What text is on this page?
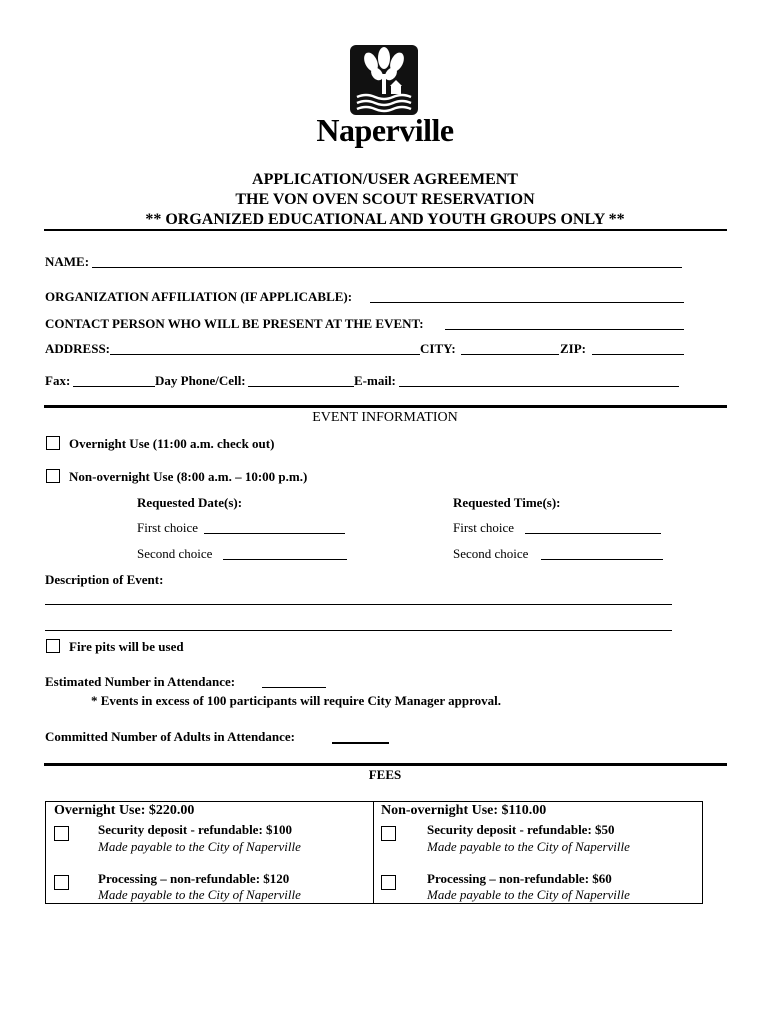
Naperville
APPLICATION/USER AGREEMENT
THE VON OVEN SCOUT RESERVATION
** ORGANIZED EDUCATIONAL AND YOUTH GROUPS ONLY **
NAME:
ORGANIZATION AFFILIATION (IF APPLICABLE):
CONTACT PERSON WHO WILL BE PRESENT AT THE EVENT:
ADDRESS:	CITY:	ZIP:
Fax:	Day Phone/Cell:	E-mail:
EVENT INFORMATION
Overnight Use (11:00 a.m. check out)
Non-overnight Use (8:00 a.m. – 10:00 p.m.)
Requested Date(s):	Requested Time(s):
First choice	First choice
Second choice	Second choice
Description of Event:
Fire pits will be used
Estimated Number in Attendance:
* Events in excess of 100 participants will require City Manager approval.
Committed Number of Adults in Attendance:
FEES
Overnight Use: $220.00
Security deposit - refundable: $100
Made payable to the City of Naperville
Processing – non-refundable: $120
Made payable to the City of Naperville
Non-overnight Use: $110.00
Security deposit - refundable: $50
Made payable to the City of Naperville
Processing – non-refundable: $60
Made payable to the City of Naperville
